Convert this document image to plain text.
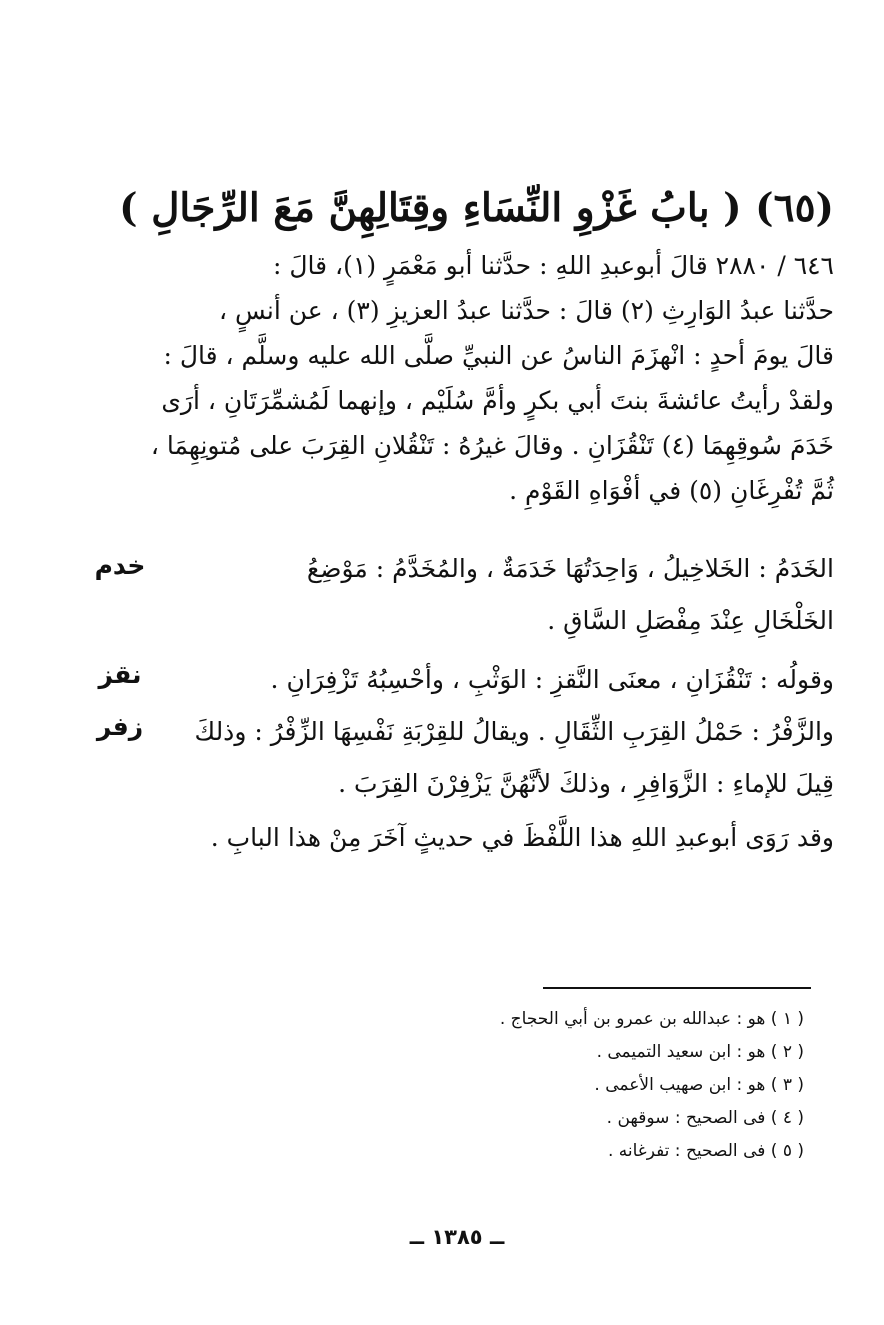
(٦٥) ( بابُ غَزْوِ النِّسَاءِ وقِتَالِهِنَّ مَعَ الرِّجَالِ )
٦٤٦ / ٢٨٨٠ قالَ أبوعبدِ اللهِ : حدَّثنا أبو مَعْمَرٍ (١)، قالَ :
حدَّثنا عبدُ الوَارِثِ (٢) قالَ : حدَّثنا عبدُ العزيزِ (٣) ، عن أنسٍ ،
قالَ يومَ أحدٍ : انْهزَمَ الناسُ عن النبيِّ صلَّى الله عليه وسلَّم ، قالَ :
ولقدْ رأيتُ عائشةَ بنتَ أبي بكرٍ وأمَّ سُلَيْم ، وإنهما لَمُشمِّرَتَانِ ، أرَى
خَدَمَ سُوقِهِمَا (٤) تَنْقُزَانِ . وقالَ غيرُهُ : تَنْقُلانِ القِرَبَ على مُتونِهِمَا ،
ثُمَّ تُفْرِغَانِ (٥) في أفْوَاهِ القَوْمِ .
الخَدَمُ : الخَلاخِيلُ ، وَاحِدَتُهَا خَدَمَةٌ ، والمُخَدَّمُ : مَوْضِعُ
الخَلْخَالِ عِنْدَ مِفْصَلِ السَّاقِ .
وقولُه : تَنْقُزَانِ ، معنَى النَّقزِ : الوَثْبِ ، وأحْسِبُهُ تَزْفِرَانِ .
والزَّفْرُ : حَمْلُ القِرَبِ الثِّقَالِ . ويقالُ للقِرْبَةِ نَفْسِهَا الزِّفْرُ : وذلكَ
قِيلَ للإماءِ : الزَّوَافِرِ ، وذلكَ لأنَّهُنَّ يَزْفِرْنَ القِرَبَ .
وقد رَوَى أبوعبدِ اللهِ هذا اللَّفْظَ في حديثٍ آخَرَ مِنْ هذا البابِ .
خدم
نقز
زفر
( ١ ) هو : عبدالله بن عمرو بن أبي الحجاج .
( ٢ ) هو : ابن سعيد التميمى .
( ٣ ) هو : ابن صهيب الأعمى .
( ٤ ) فى الصحيح : سوقهن .
( ٥ ) فى الصحيح : تفرغانه .
ــ ١٣٨٥ ــ
